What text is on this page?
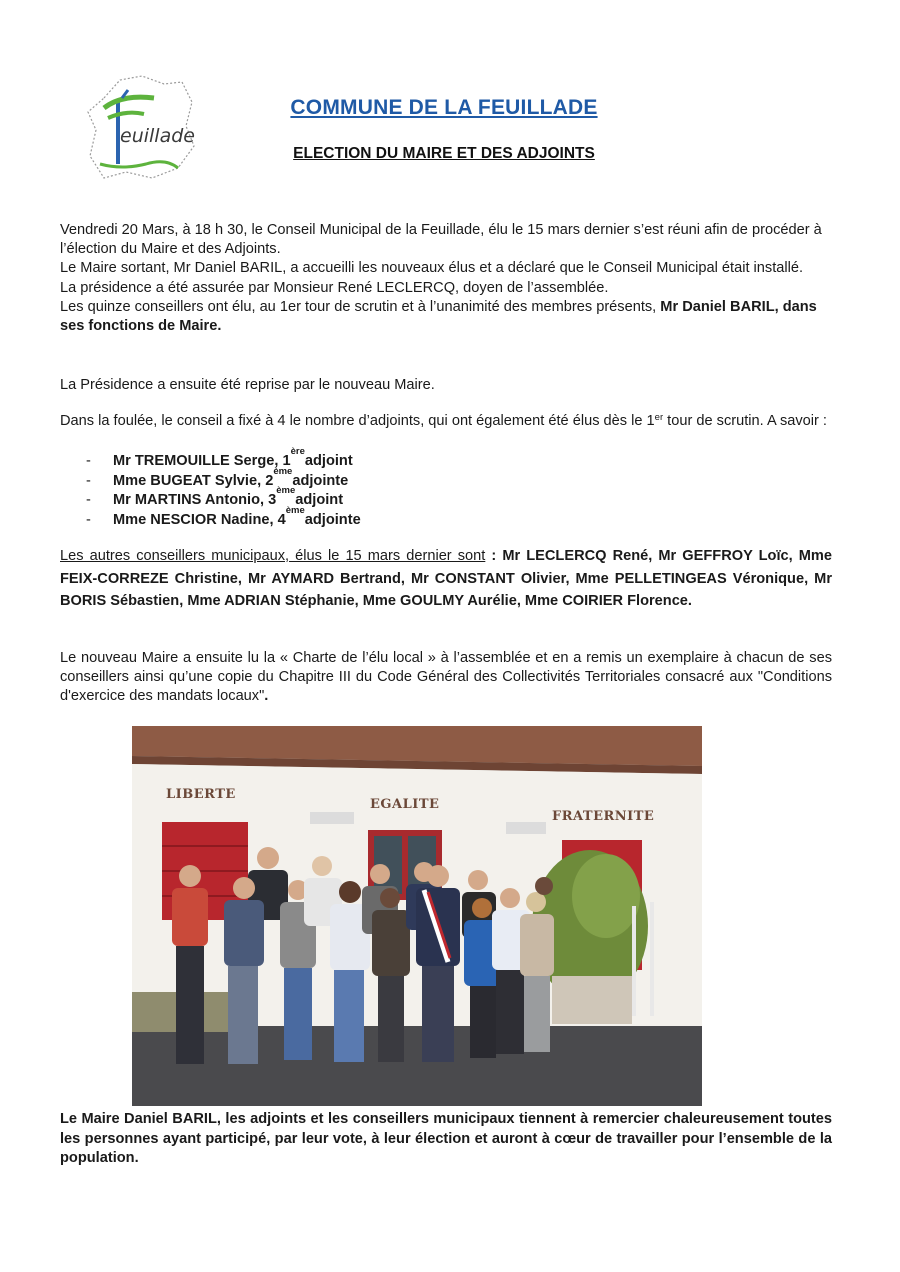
euillade
COMMUNE DE LA FEUILLADE
ELECTION DU MAIRE ET DES ADJOINTS
Vendredi 20 Mars, à 18 h 30, le Conseil Municipal de la Feuillade, élu le 15 mars dernier s’est réuni afin de procéder à l’élection du Maire et des Adjoints.
Le Maire sortant, Mr Daniel BARIL, a accueilli les nouveaux élus et a déclaré que le Conseil Municipal était installé.
La présidence a été assurée par Monsieur René LECLERCQ, doyen de l’assemblée.
Les quinze conseillers ont élu, au 1er tour de scrutin et à l’unanimité des membres présents, Mr Daniel BARIL, dans ses fonctions de Maire.
La Présidence a ensuite été reprise par le nouveau Maire.
Dans la foulée, le conseil a fixé à 4 le nombre d’adjoints, qui ont également été élus dès le 1er tour de scrutin. A savoir :
-	Mr TREMOUILLE Serge, 1
ère
adjoint
-	Mme BUGEAT Sylvie, 2
ème
adjointe
-	Mr MARTINS Antonio, 3
ème
adjoint
-	Mme NESCIOR Nadine, 4
ème
adjointe
Les autres conseillers municipaux, élus le 15 mars dernier sont : Mr LECLERCQ René, Mr GEFFROY Loïc, Mme FEIX-CORREZE Christine, Mr AYMARD Bertrand, Mr CONSTANT Olivier, Mme PELLETINGEAS Véronique, Mr BORIS Sébastien, Mme ADRIAN Stéphanie, Mme GOULMY Aurélie, Mme COIRIER Florence.
Le nouveau Maire a ensuite lu la « Charte de l’élu local » à l’assemblée et en a remis un exemplaire à chacun de ses conseillers ainsi qu’une copie du Chapitre III du Code Général des Collectivités Territoriales consacré aux "Conditions d'exercice des mandats locaux".
LIBERTE
EGALITE
FRATERNITE
Le Maire Daniel BARIL, les adjoints et les conseillers municipaux tiennent à remercier chaleureusement toutes les personnes ayant participé, par leur vote, à leur élection et auront à cœur de travailler pour l’ensemble de la population.
